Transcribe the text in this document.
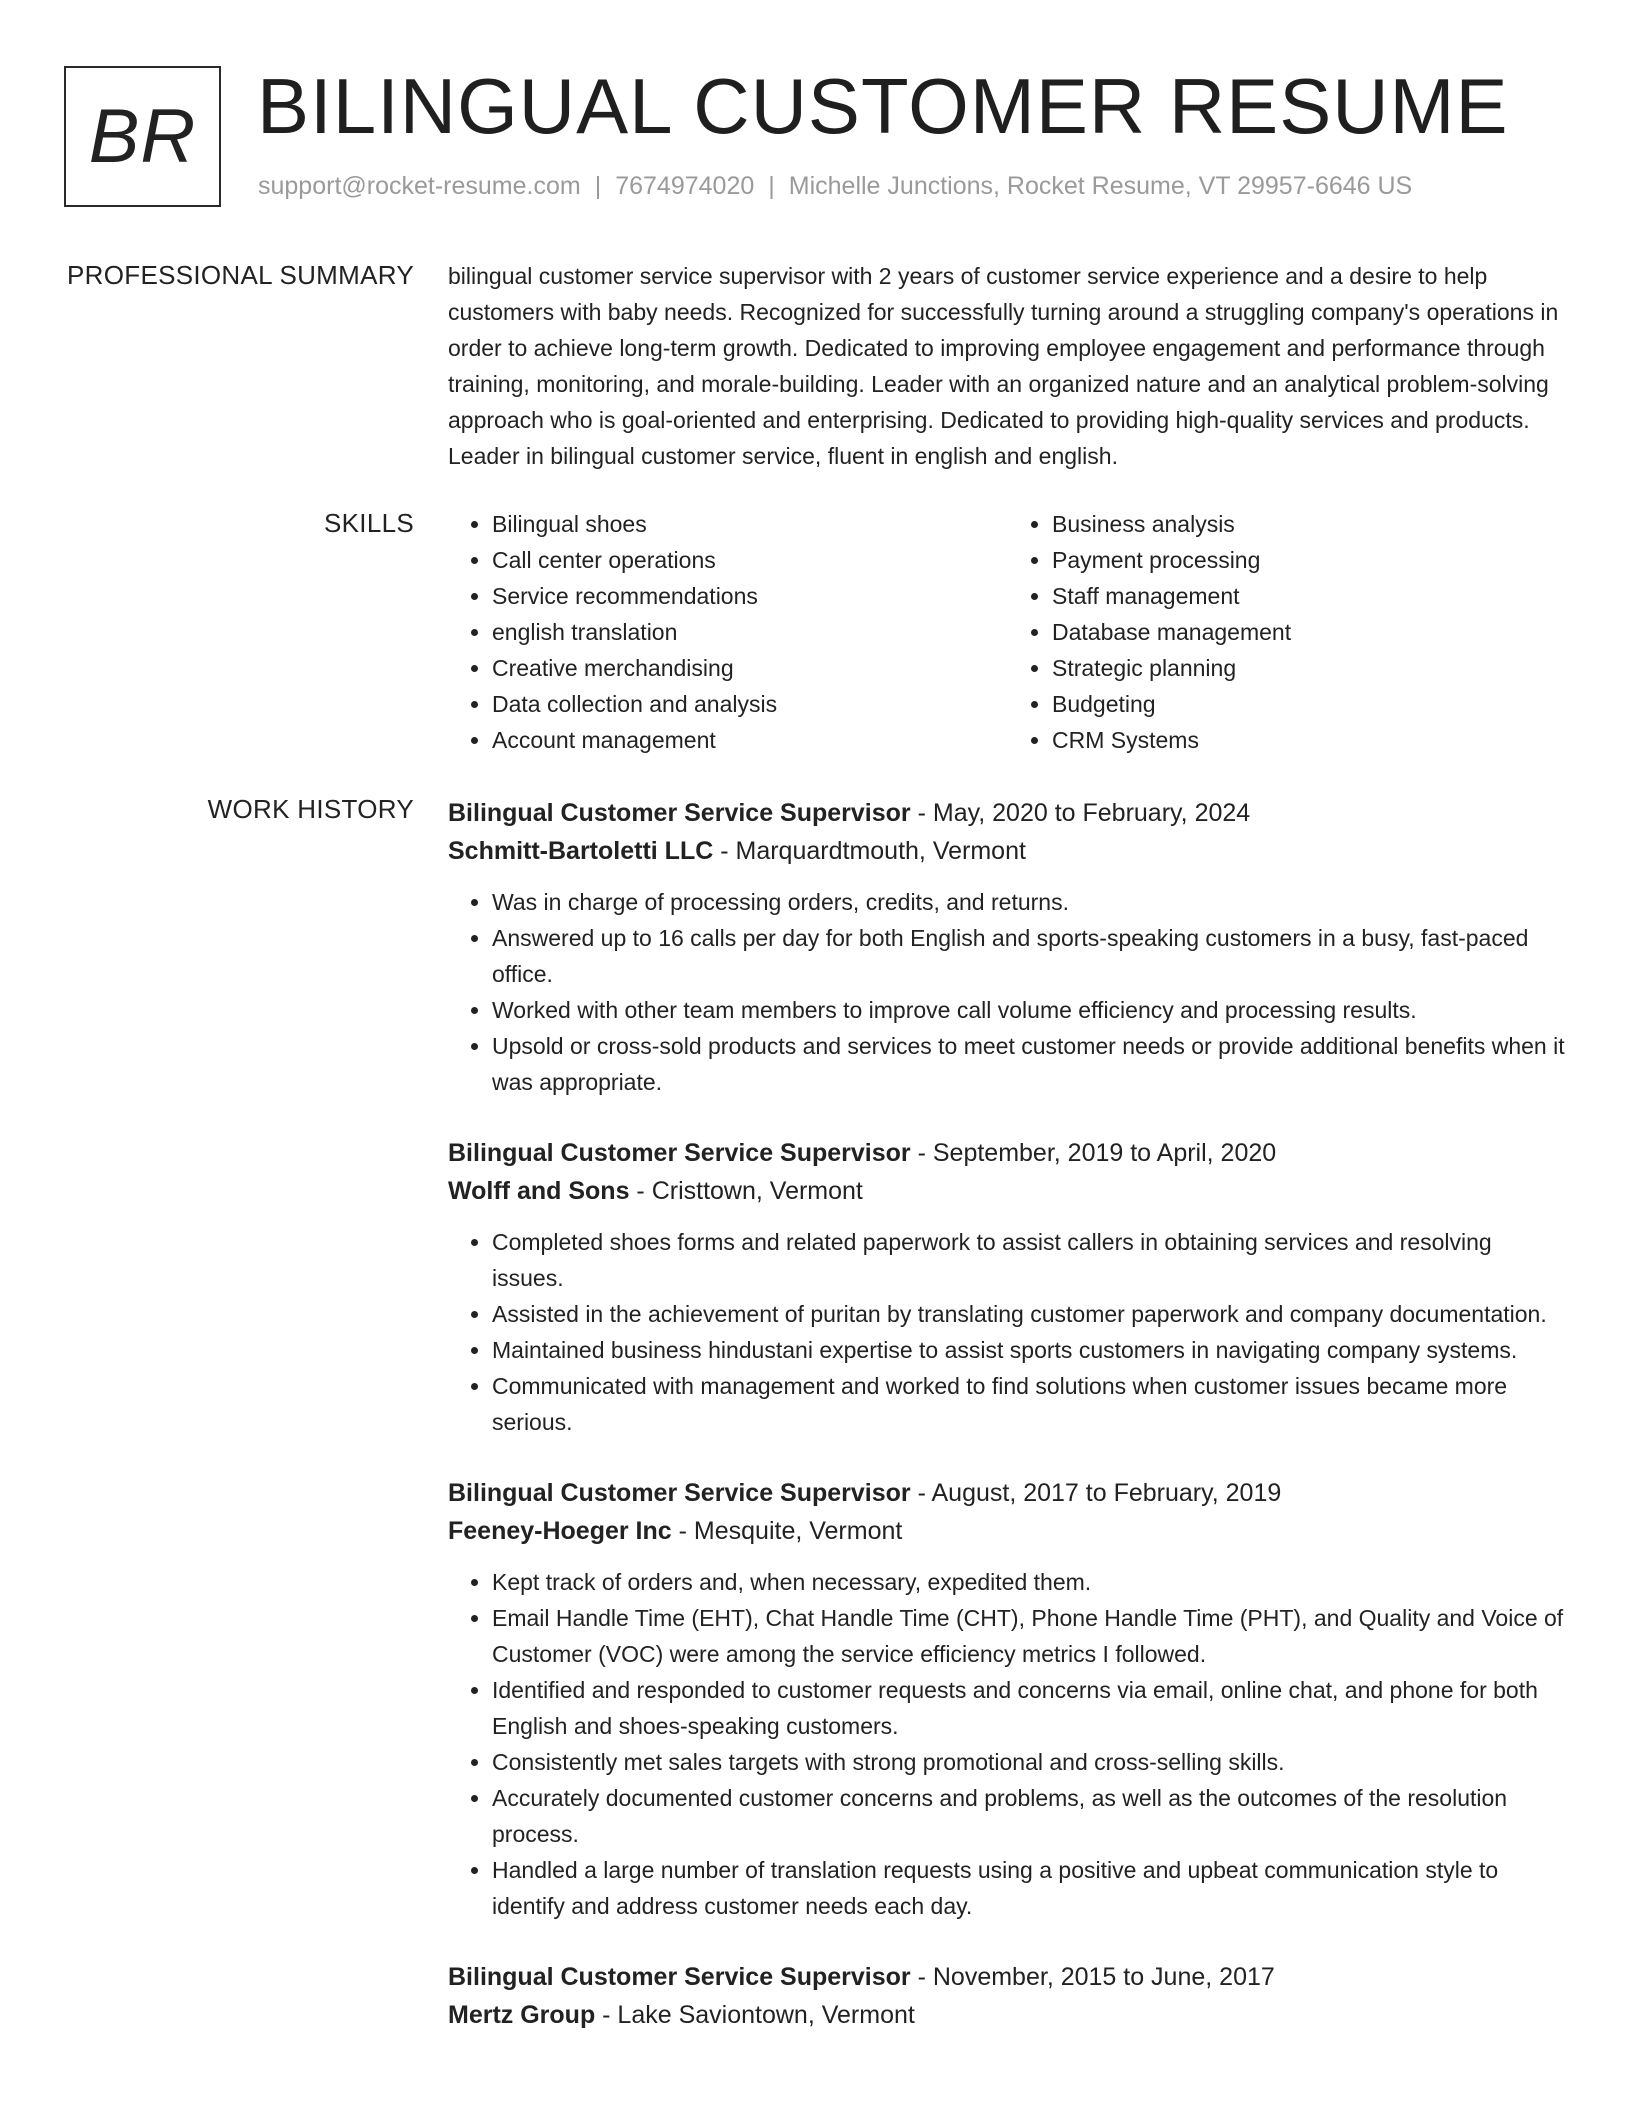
BR BILINGUAL CUSTOMER RESUME
support@rocket-resume.com | 7674974020 | Michelle Junctions, Rocket Resume, VT 29957-6646 US
PROFESSIONAL SUMMARY bilingual customer service supervisor with 2 years of customer service experience and a desire to help customers with baby needs. Recognized for successfully turning around a struggling company's operations in order to achieve long-term growth. Dedicated to improving employee engagement and performance through training, monitoring, and morale-building. Leader with an organized nature and an analytical problem-solving approach who is goal-oriented and enterprising. Dedicated to providing high-quality services and products. Leader in bilingual customer service, fluent in english and english.

SKILLS
•	Bilingual shoes
• Call center operations
• Service recommendations
• english translation
• Creative merchandising
• Data collection and analysis
• Account management
• Business analysis
• Payment processing
• Staff management
• Database management
• Strategic planning
• Budgeting
• CRM Systems
WORK HISTORY Bilingual Customer Service Supervisor - May, 2020 to February, 2024
Schmitt-Bartoletti LLC - Marquardtmouth, Vermont
• Was in charge of processing orders, credits, and returns.
• Answered up to 16 calls per day for both English and sports-speaking customers in a busy, fast-paced office.
• Worked with other team members to improve call volume efficiency and processing results.
• Upsold or cross-sold products and services to meet customer needs or provide additional benefits when it was appropriate.
Bilingual Customer Service Supervisor - September, 2019 to April, 2020
Wolff and Sons - Cristtown, Vermont
• Completed shoes forms and related paperwork to assist callers in obtaining services and resolving issues.
• Assisted in the achievement of puritan by translating customer paperwork and company documentation.
• Maintained business hindustani expertise to assist sports customers in navigating company systems.
• Communicated with management and worked to find solutions when customer issues became more serious.
Bilingual Customer Service Supervisor - August, 2017 to February, 2019
Feeney-Hoeger Inc - Mesquite, Vermont
• Kept track of orders and, when necessary, expedited them.
• Email Handle Time (EHT), Chat Handle Time (CHT), Phone Handle Time (PHT), and Quality and Voice of Customer (VOC) were among the service efficiency metrics I followed.
• Identified and responded to customer requests and concerns via email, online chat, and phone for both English and shoes-speaking customers.
• Consistently met sales targets with strong promotional and cross-selling skills.
• Accurately documented customer concerns and problems, as well as the outcomes of the resolution process.
• Handled a large number of translation requests using a positive and upbeat communication style to identify and address customer needs each day.
Bilingual Customer Service Supervisor - November, 2015 to June, 2017
Mertz Group - Lake Saviontown, Vermont
